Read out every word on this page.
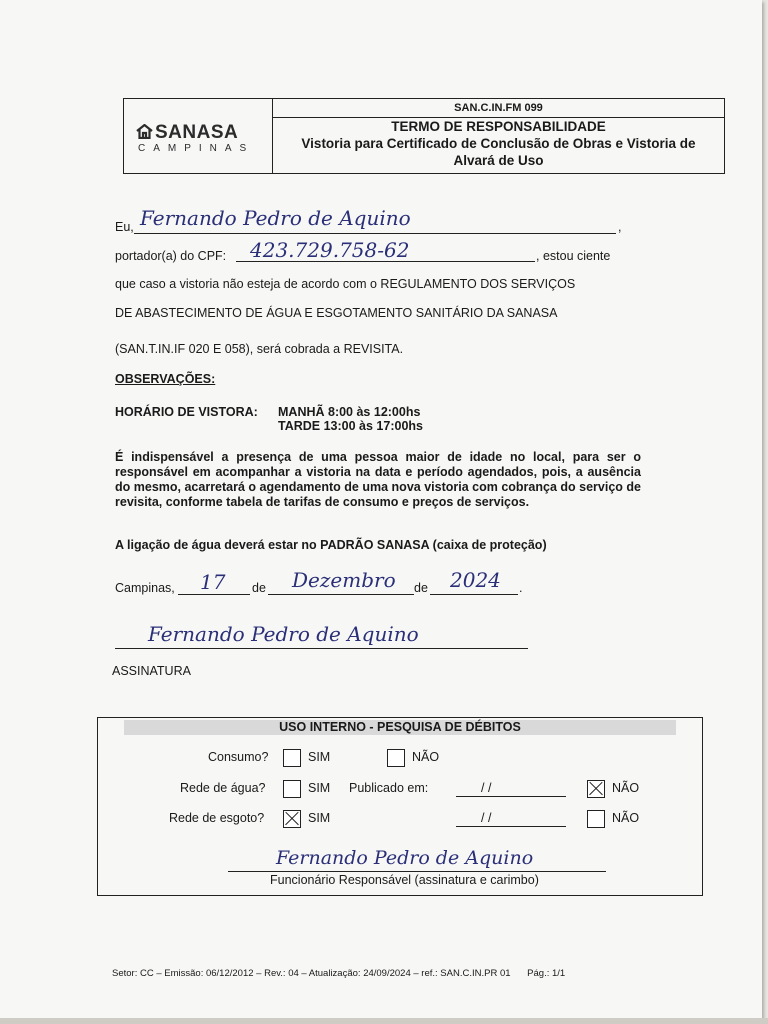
SANASA
CAMPINAS
SAN.C.IN.FM 099
TERMO DE RESPONSABILIDADE
Vistoria para Certificado de Conclusão de Obras e Vistoria de
Alvará de Uso
Eu, Fernando Pedro de Aquino	,
portador(a) do CPF: 423.729.758-62	, estou ciente
que caso a vistoria não esteja de acordo com o REGULAMENTO DOS SERVIÇOS
DE ABASTECIMENTO DE ÁGUA E ESGOTAMENTO SANITÁRIO DA SANASA
(SAN.T.IN.IF 020 E 058), será cobrada a REVISITA.
OBSERVAÇÕES:
HORÁRIO DE VISTORA: MANHÃ 8:00 às 12:00hs
TARDE 13:00 às 17:00hs
É indispensável a presença de uma pessoa maior de idade no local, para ser o responsável em acompanhar a vistoria na data e período agendados, pois, a ausência do mesmo, acarretará o agendamento de uma nova vistoria com cobrança do serviço de revisita, conforme tabela de tarifas de consumo e preços de serviços.
A ligação de água deverá estar no PADRÃO SANASA (caixa de proteção)
Campinas, 17 de Dezembro de 2024 .
Fernando Pedro de Aquino
ASSINATURA
USO INTERNO - PESQUISA DE DÉBITOS
Consumo?	SIM	NÃO
Rede de água?	SIM Publicado em:	/ /	NÃO
Rede de esgoto?	SIM	/ /	NÃO
Fernando Pedro de Aquino
Funcionário Responsável (assinatura e carimbo)
Setor: CC – Emissão: 06/12/2012 – Rev.: 04 – Atualização: 24/09/2024 – ref.: SAN.C.IN.PR 01 Pág.: 1/1
